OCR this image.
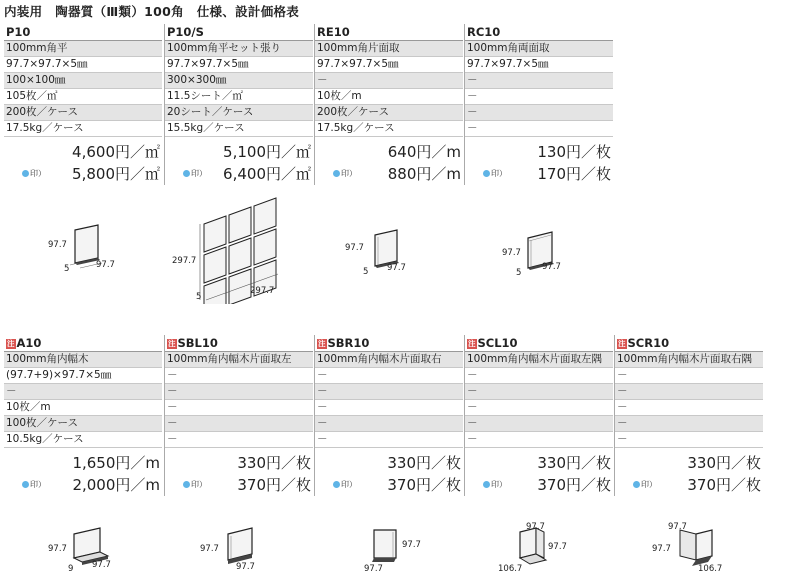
内装用　陶器質（Ⅲ類）100角　仕様、設計価格表
P10
100mm角平
97.7×97.7×5㎜
100×100㎜
105枚／㎡
200枚／ケース
17.5kg／ケース
4,600円／㎡
印） 5,800円／㎡
P10/S
100mm角平セット張り
97.7×97.7×5㎜
300×300㎜
11.5シート／㎡
20シート／ケース
15.5kg／ケース
5,100円／㎡
印） 6,400円／㎡
RE10
100mm角片面取
97.7×97.7×5㎜
－
10枚／m
200枚／ケース
17.5kg／ケース
640円／m
印） 880円／m
RC10
100mm角両面取
97.7×97.7×5㎜
－
－
－
－
130円／枚
印） 170円／枚
97.7
5	97.7	297.7
5
297.7
97.7
5 97.7
97.7
5
97.7
注 A10
100mm角内幅木
(97.7+9)×97.7×5㎜
－
10枚／m
100枚／ケース
10.5kg／ケース
1,650円／m
印） 2,000円／m
注 SBL10
100mm角内幅木片面取左
－
－
－
－
－
330円／枚
印） 370円／枚
注 SBR10
100mm角内幅木片面取右
－
－
－
－
－
330円／枚
印） 370円／枚
注 SCL10
100mm角内幅木片面取左隅
－
－
－
－
－
330円／枚
印） 370円／枚
注 SCR10
100mm角内幅木片面取右隅
－
－
－
－
－
330円／枚
印） 370円／枚
97.7
9 97.7
97.7
97.7
97.7
97.7
97.7
97.7
106.7
97.7
97.7
106.7
